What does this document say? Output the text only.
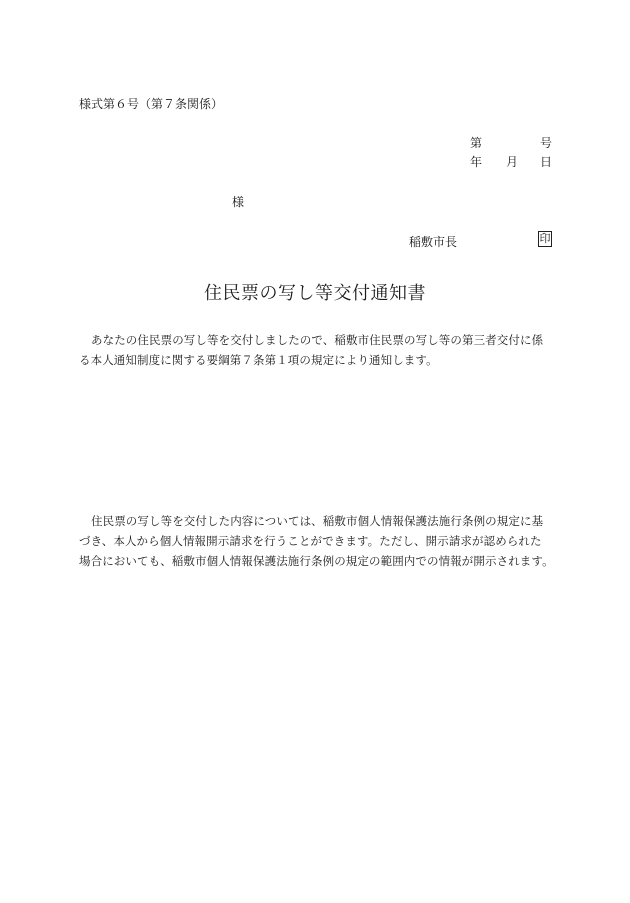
様式第６号（第７条関係）
第	号
年 月 日
様
稲敷市長	印
住民票の写し等交付通知書

あなたの住民票の写し等を交付しましたので、稲敷市住民票の写し等の第三者交付に係

る本人通知制度に関する要綱第７条第１項の規定により通知します。

住民票の写し等を交付した内容については、稲敷市個人情報保護法施行条例の規定に基

づき、本人から個人情報開示請求を行うことができます。ただし、開示請求が認められた

場合においても、稲敷市個人情報保護法施行条例の規定の範囲内での情報が開示されます。
